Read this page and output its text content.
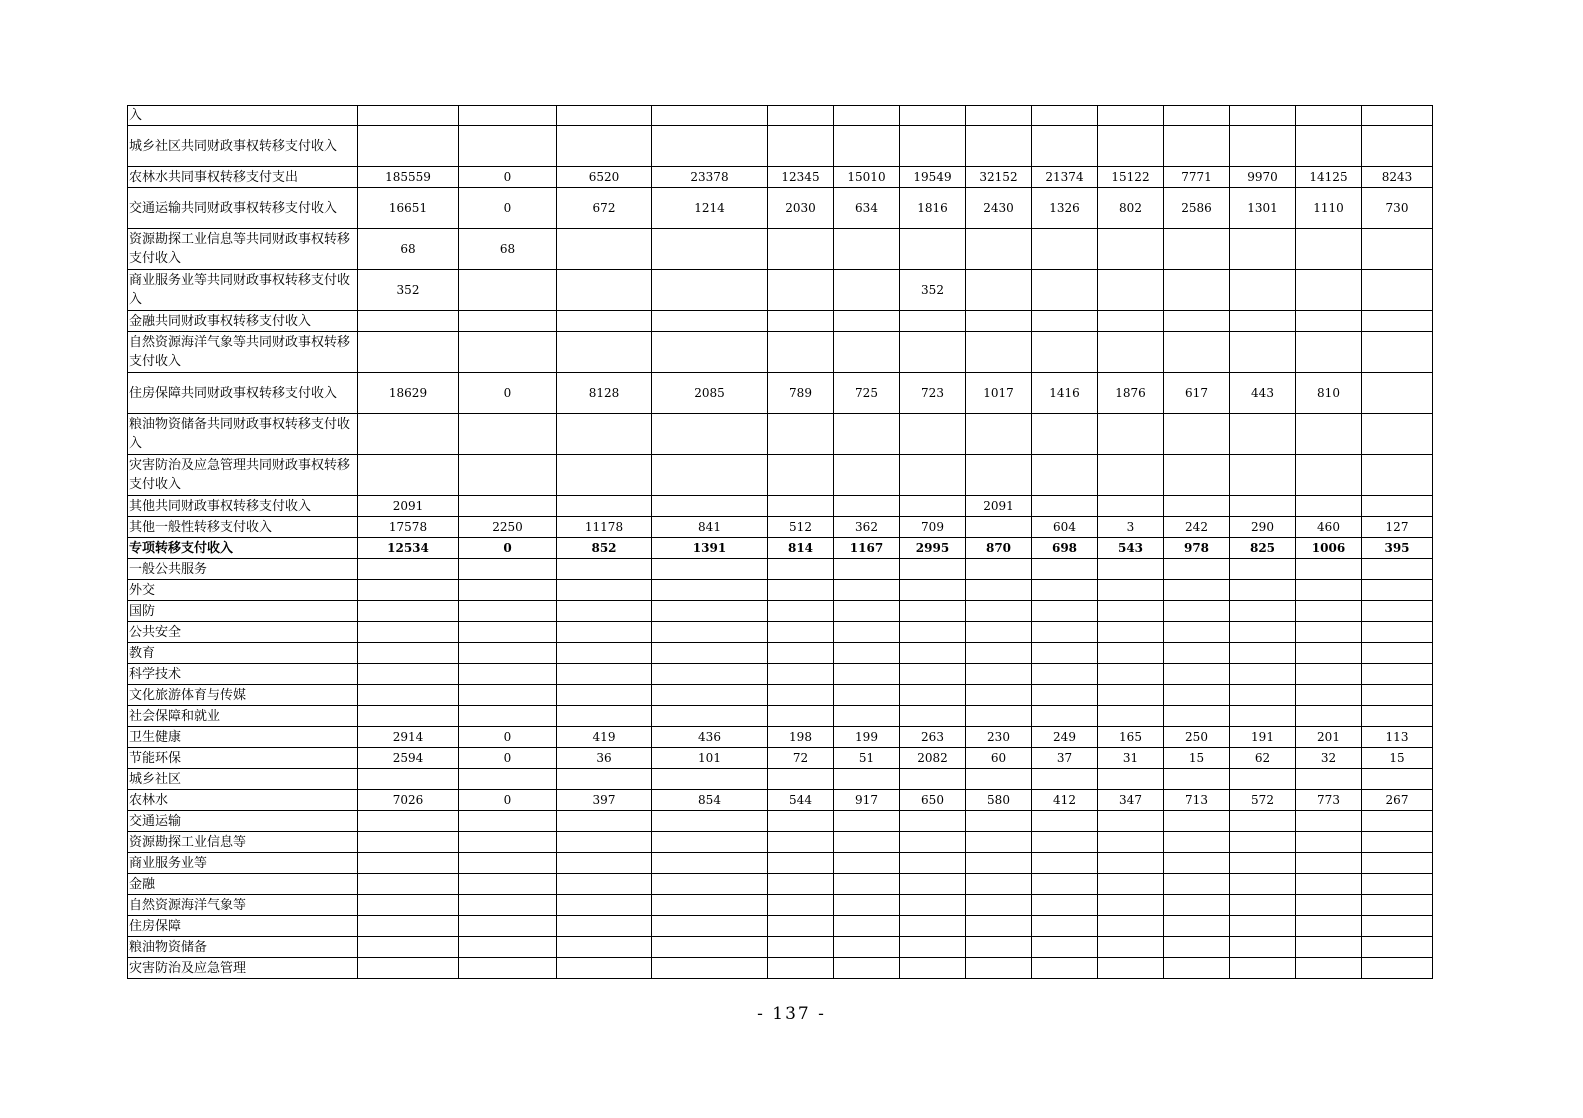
入														
城乡社区共同财政事权转移支付收入														
农林水共同事权转移支付支出	185559	0	6520	23378	12345	15010	19549	32152	21374	15122	7771	9970	14125	8243
交通运输共同财政事权转移支付收入	16651	0	672	1214	2030	634	1816	2430	1326	802	2586	1301	1110	730
资源勘探工业信息等共同财政事权转移支付收入	68	68												
商业服务业等共同财政事权转移支付收入	352						352							
金融共同财政事权转移支付收入														
自然资源海洋气象等共同财政事权转移支付收入														
住房保障共同财政事权转移支付收入	18629	0	8128	2085	789	725	723	1017	1416	1876	617	443	810	
粮油物资储备共同财政事权转移支付收入														
灾害防治及应急管理共同财政事权转移支付收入														
其他共同财政事权转移支付收入	2091							2091						
其他一般性转移支付收入	17578	2250	11178	841	512	362	709		604	3	242	290	460	127
专项转移支付收入	12534	0	852	1391	814	1167	2995	870	698	543	978	825	1006	395
一般公共服务														
外交														
国防														
公共安全														
教育														
科学技术														
文化旅游体育与传媒														
社会保障和就业														
卫生健康	2914	0	419	436	198	199	263	230	249	165	250	191	201	113
节能环保	2594	0	36	101	72	51	2082	60	37	31	15	62	32	15
城乡社区														
农林水	7026	0	397	854	544	917	650	580	412	347	713	572	773	267
交通运输														
资源勘探工业信息等														
商业服务业等														
金融														
自然资源海洋气象等														
住房保障														
粮油物资储备														
灾害防治及应急管理														
- 137 -
